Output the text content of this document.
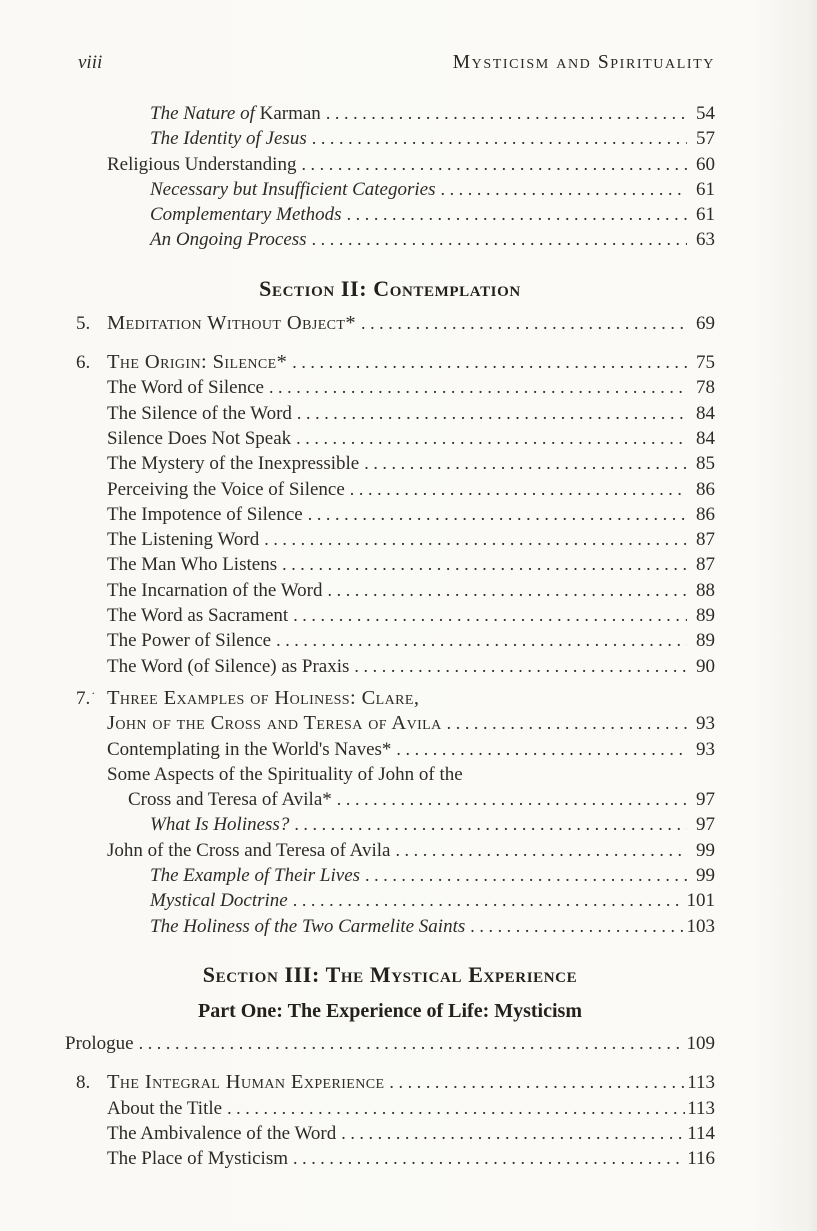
viii	Mysticism and Spirituality
The Nature of Karman .....	54
The Identity of Jesus .....	57
Religious Understanding .....	60
Necessary but Insufficient Categories .....	61
Complementary Methods .....	61
An Ongoing Process .....	63
Section II: Contemplation
5. Meditation Without Object* .....	69
6. The Origin: Silence* .....	75
The Word of Silence .....	78
The Silence of the Word .....	84
Silence Does Not Speak .....	84
The Mystery of the Inexpressible .....	85
Perceiving the Voice of Silence .....	86
The Impotence of Silence .....	86
The Listening Word .....	87
The Man Who Listens .....	87
The Incarnation of the Word .....	88
The Word as Sacrament .....	89
The Power of Silence .....	89
The Word (of Silence) as Praxis .....	90
7.· Three Examples of Holiness: Clare,
John of the Cross and Teresa of Avila .....	93
Contemplating in the World's Naves* .....	93
Some Aspects of the Spirituality of John of the
Cross and Teresa of Avila* .....	97
What Is Holiness? .....	97
John of the Cross and Teresa of Avila .....	99
The Example of Their Lives .....	99
Mystical Doctrine .....	101
The Holiness of the Two Carmelite Saints .....	103
Section III: The Mystical Experience
Part One: The Experience of Life: Mysticism
Prologue .....	109
8. The Integral Human Experience .....	113
About the Title .....	113
The Ambivalence of the Word .....	114
The Place of Mysticism .....	116
